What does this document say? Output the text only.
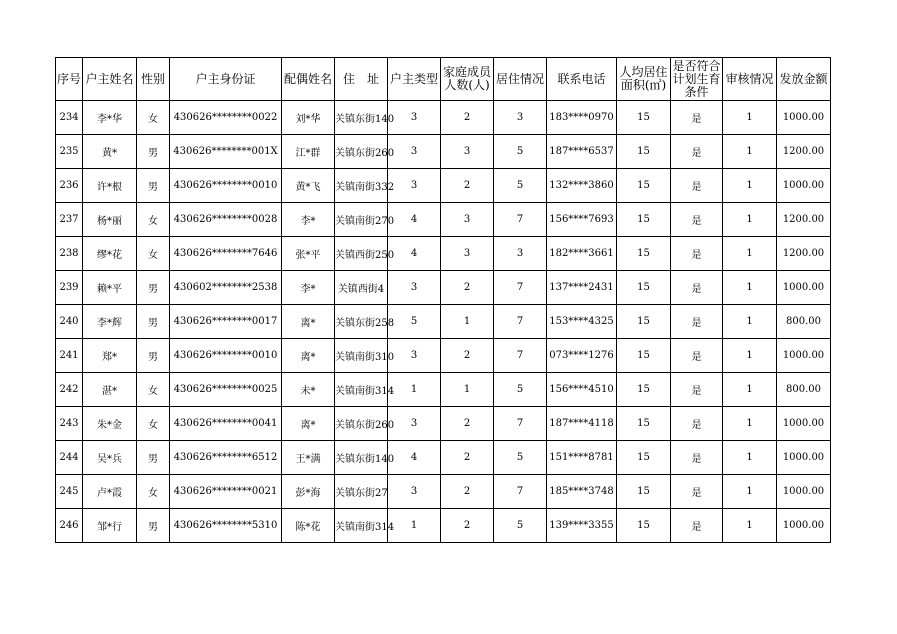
序号	户主姓名	性别	户主身份证	配偶姓名	住　址	户主类型	家庭成员人数(人)	居住情况	联系电话	人均居住面积(㎡)	是否符合计划生育条件	审核情况	发放金额
234	李*华	女	430626********0022	刘*华	关镇东街140	3	2	3	183****0970	15	是	1	1000.00
235	黄*	男	430626********001X	江*群	关镇东街260	3	3	5	187****6537	15	是	1	1200.00
236	许*根	男	430626********0010	黄*飞	关镇南街332	3	2	5	132****3860	15	是	1	1000.00
237	杨*丽	女	430626********0028	李*	关镇南街270	4	3	7	156****7693	15	是	1	1200.00
238	缪*花	女	430626********7646	张*平	关镇西街250	4	3	3	182****3661	15	是	1	1200.00
239	赖*平	男	430602********2538	李*	关镇西街4	3	2	7	137****2431	15	是	1	1000.00
240	李*辉	男	430626********0017	离*	关镇东街258	5	1	7	153****4325	15	是	1	800.00
241	郑*	男	430626********0010	离*	关镇南街310	3	2	7	073****1276	15	是	1	1000.00
242	湛*	女	430626********0025	未*	关镇南街314	1	1	5	156****4510	15	是	1	800.00
243	朱*金	女	430626********0041	离*	关镇东街260	3	2	7	187****4118	15	是	1	1000.00
244	吴*兵	男	430626********6512	王*满	关镇东街140	4	2	5	151****8781	15	是	1	1000.00
245	卢*霞	女	430626********0021	彭*海	关镇东街27	3	2	7	185****3748	15	是	1	1000.00
246	邹*行	男	430626********5310	陈*花	关镇南街314	1	2	5	139****3355	15	是	1	1000.00
